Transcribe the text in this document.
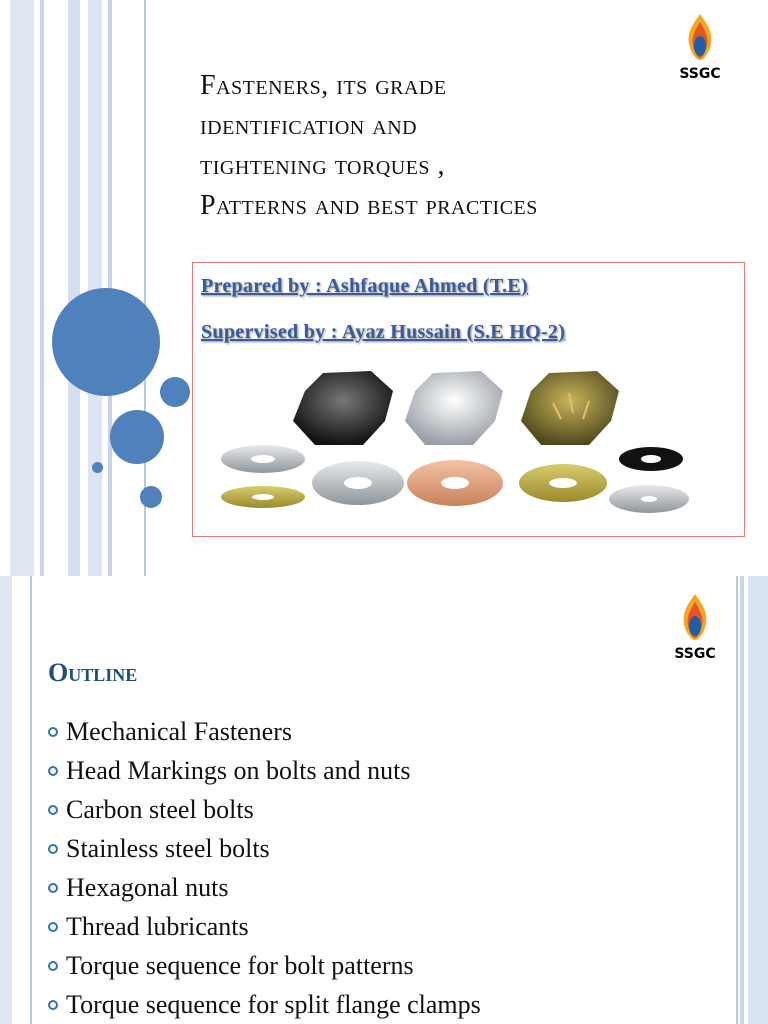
Fasteners, its grade
identification and
tightening torques ,
Patterns and best practices
SSGC
Prepared by : Ashfaque Ahmed (T.E)
Supervised by : Ayaz Hussain (S.E HQ-2)
SSGC
Outline
Mechanical Fasteners
Head Markings on bolts and nuts
Carbon steel bolts
Stainless steel bolts
Hexagonal nuts
Thread lubricants
Torque sequence for bolt patterns
Torque sequence for split flange clamps
